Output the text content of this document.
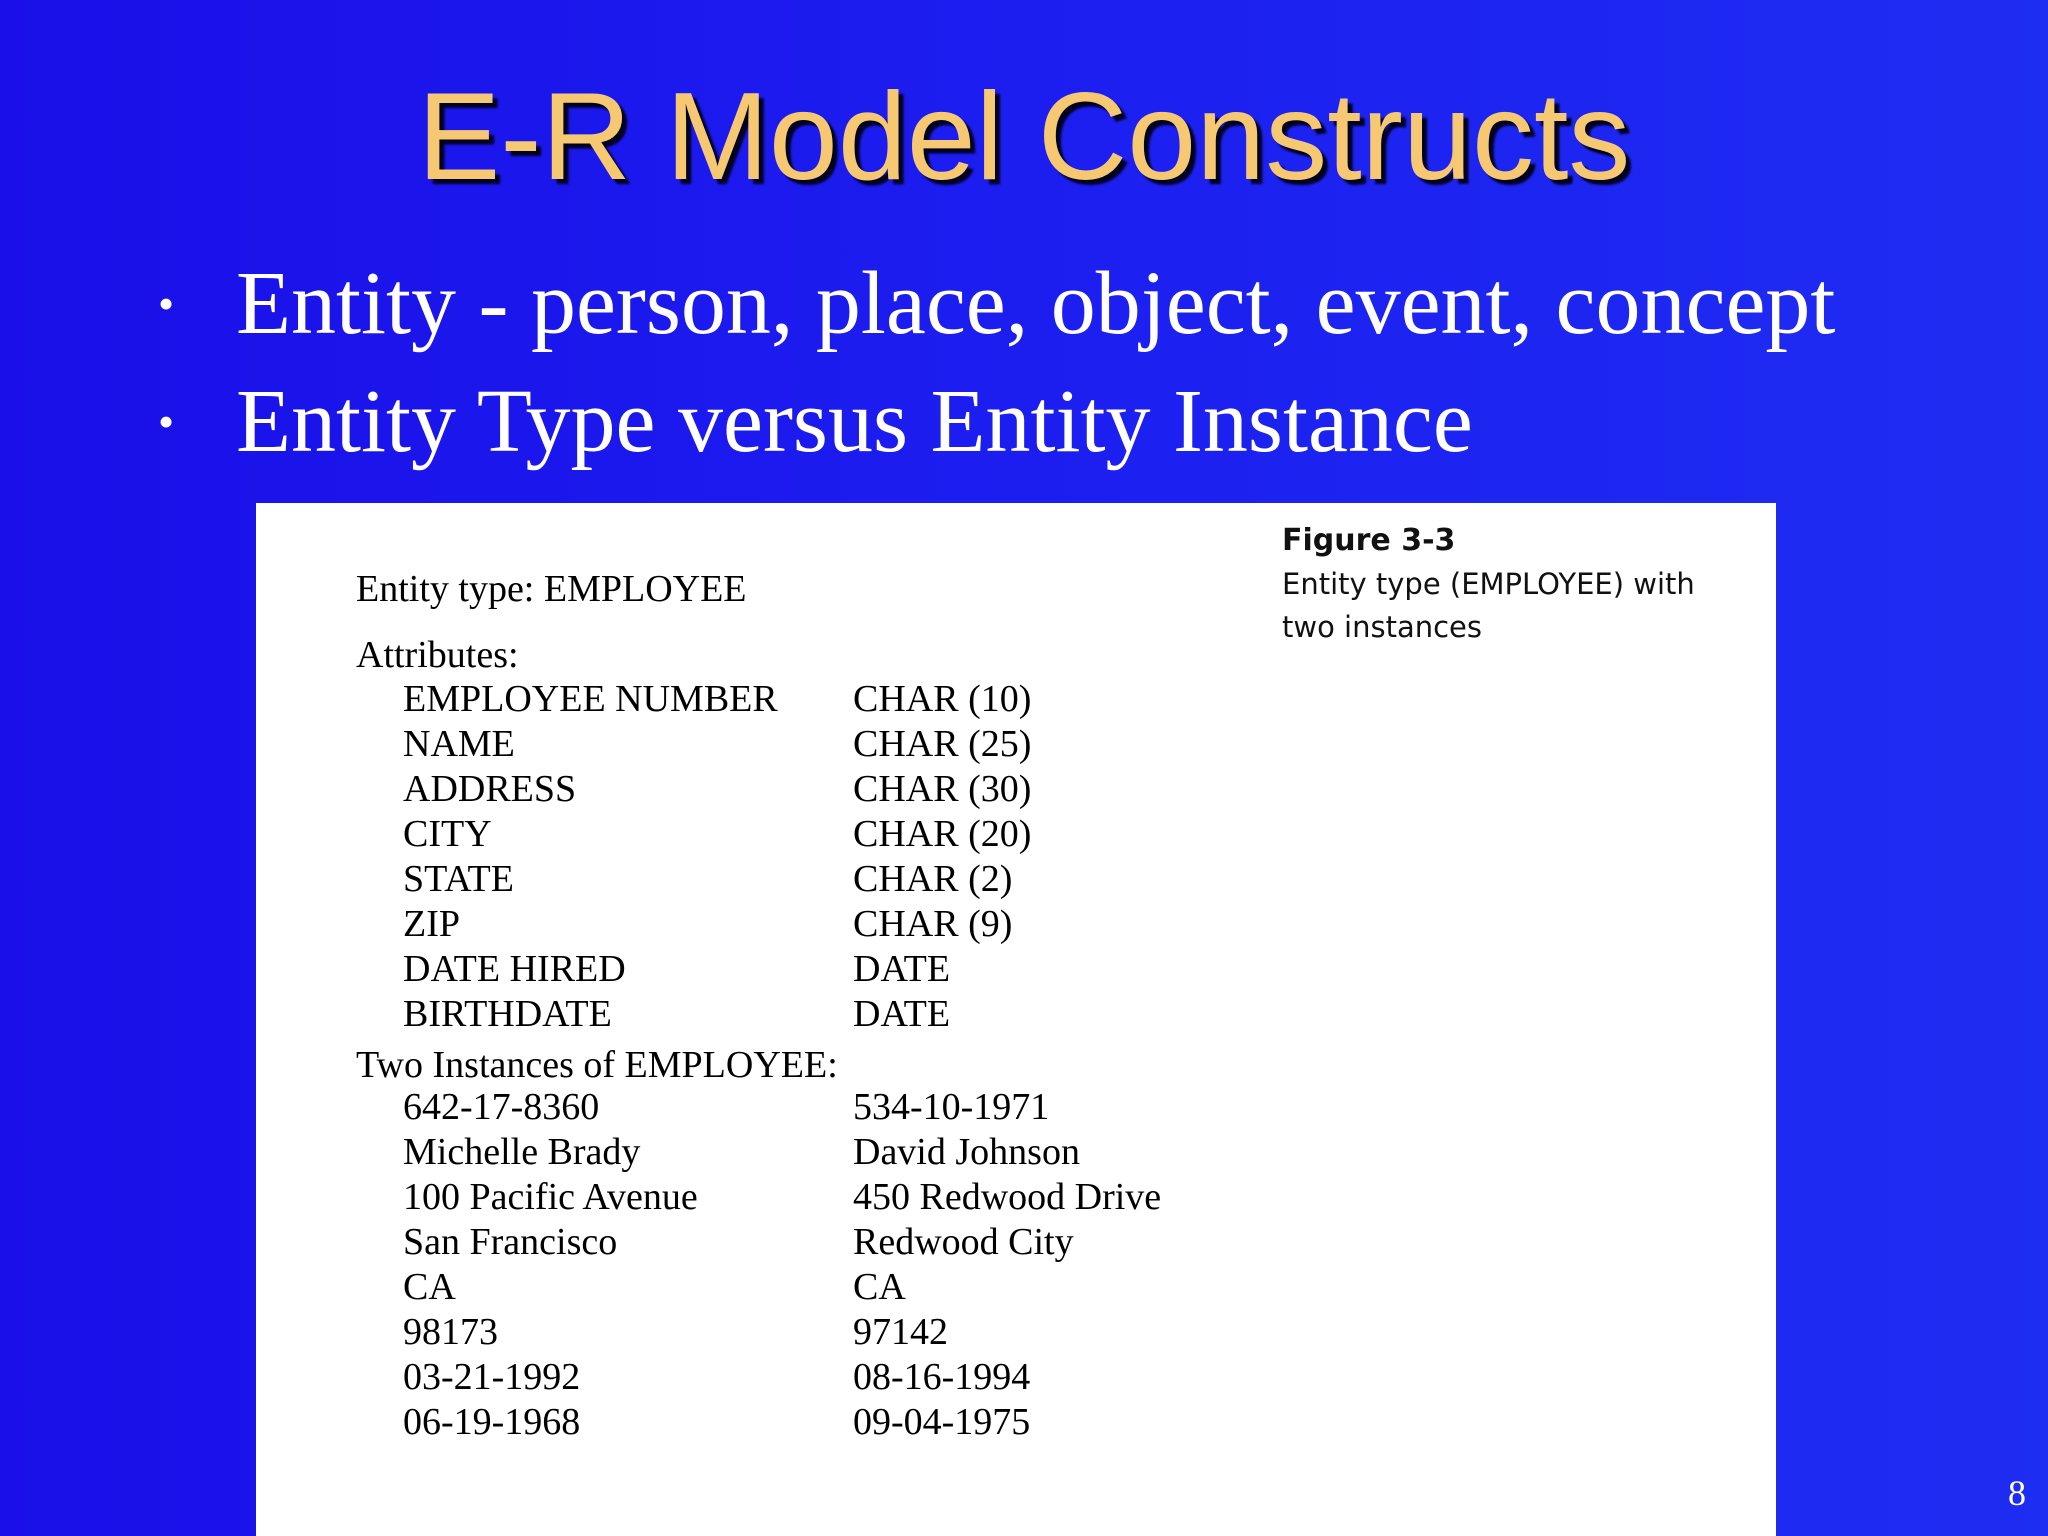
E-R Model Constructs
• Entity - person, place, object, event, concept
• Entity Type versus Entity Instance
Figure 3-3
Entity type (EMPLOYEE) with
two instances
Entity type: EMPLOYEE
Attributes:
EMPLOYEE NUMBER CHAR (10)
NAME	CHAR (25)
ADDRESS	CHAR (30)
CITY	CHAR (20)
STATE	CHAR (2)
ZIP	CHAR (9)
DATE HIRED	DATE
BIRTHDATE	DATE
Two Instances of EMPLOYEE:
642-17-8360	534-10-1971
Michelle Brady	David Johnson
100 Pacific Avenue	450 Redwood Drive
San Francisco	Redwood City
CA	CA
98173	97142
03-21-1992	08-16-1994
06-19-1968	09-04-1975
8
